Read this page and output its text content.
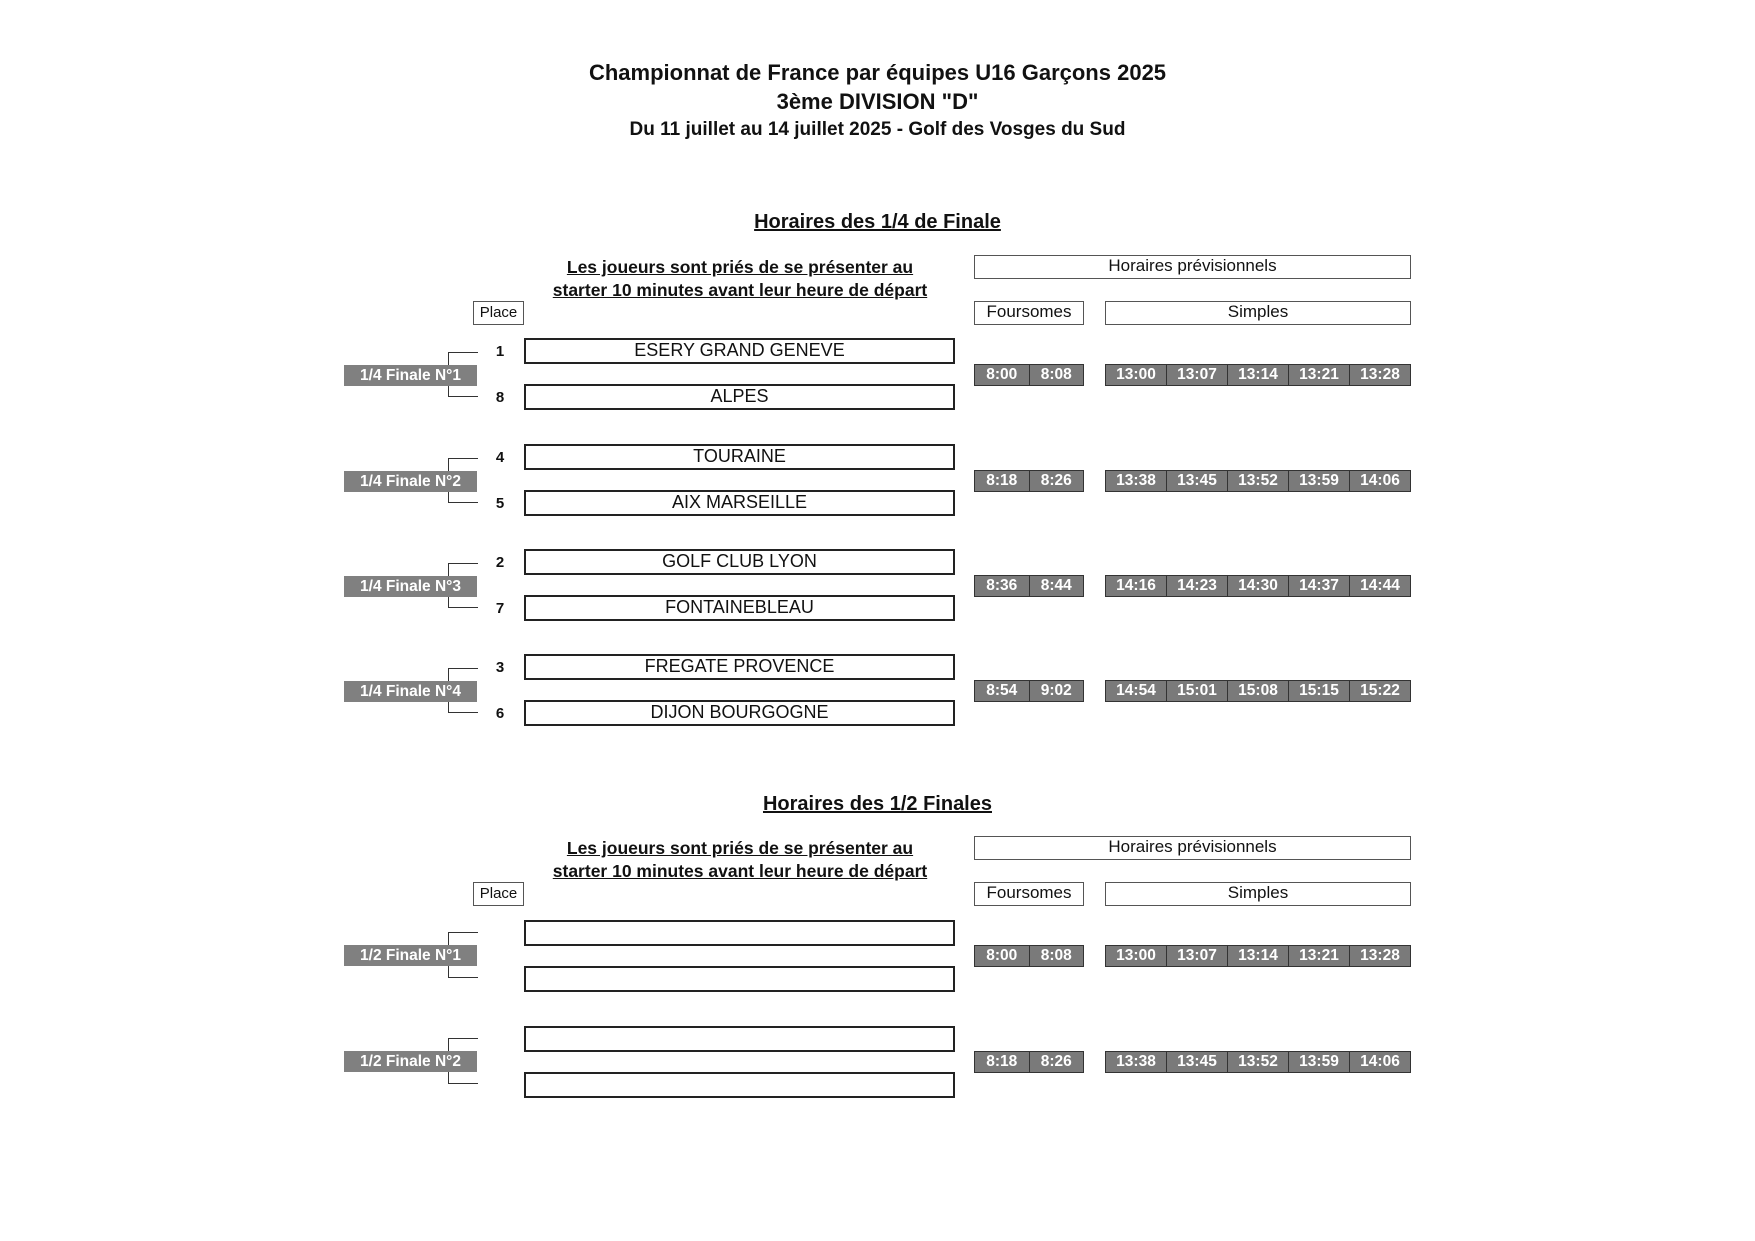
Championnat de France par équipes U16 Garçons 2025
3ème DIVISION "D"
Du 11 juillet au 14 juillet 2025 - Golf des Vosges du Sud
Horaires des 1/4 de Finale
Les joueurs sont priés de se présenter au
starter 10 minutes avant leur heure de départ
Place
Horaires prévisionnels
Foursomes	Simples
1/4 Finale N°1
1	ESERY GRAND GENEVE
8	ALPES
8:00	8:08	13:00	13:07	13:14	13:21	13:28
1/4 Finale N°2
4	TOURAINE
5	AIX MARSEILLE
8:18	8:26	13:38	13:45	13:52	13:59	14:06
1/4 Finale N°3
2	GOLF CLUB LYON
7	FONTAINEBLEAU
8:36	8:44	14:16	14:23	14:30	14:37	14:44
1/4 Finale N°4
3	FREGATE PROVENCE
6	DIJON BOURGOGNE
8:54	9:02	14:54	15:01	15:08	15:15	15:22
Horaires des 1/2 Finales
Les joueurs sont priés de se présenter au
starter 10 minutes avant leur heure de départ
Place
Horaires prévisionnels
Foursomes	Simples
1/2 Finale N°1	8:00	8:08	13:00	13:07	13:14	13:21	13:28
1/2 Finale N°2	8:18	8:26	13:38	13:45	13:52	13:59	14:06
